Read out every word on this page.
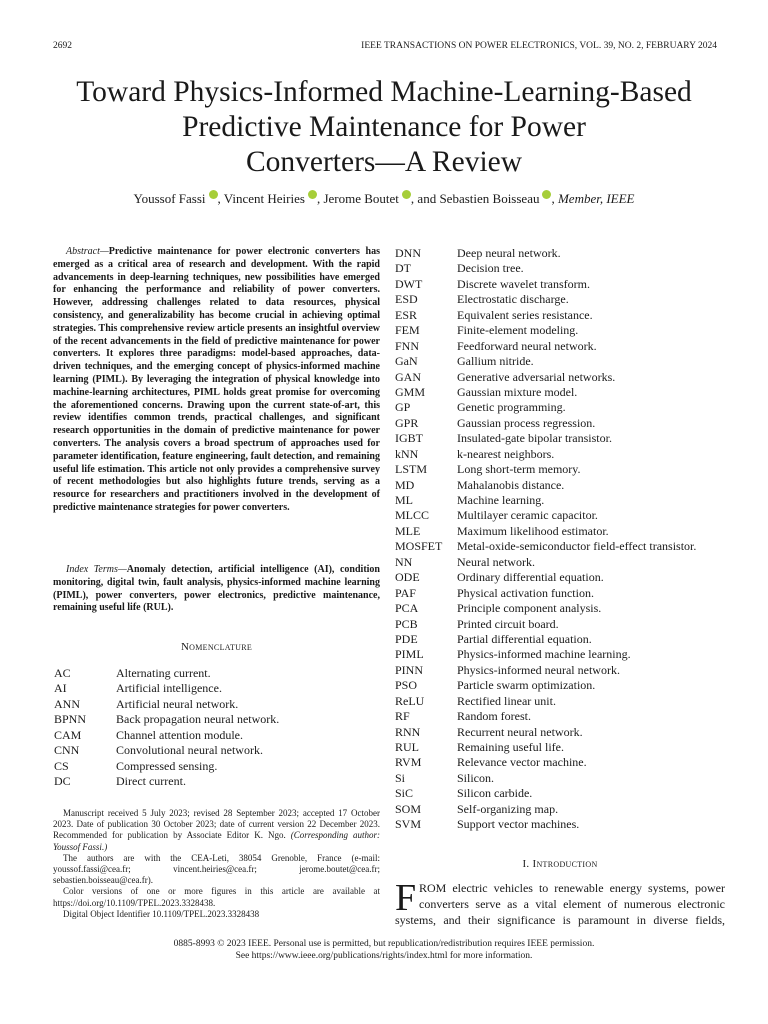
2692	IEEE TRANSACTIONS ON POWER ELECTRONICS, VOL. 39, NO. 2, FEBRUARY 2024
Toward Physics-Informed Machine-Learning-Based
Predictive Maintenance for Power
Converters—A Review
Youssof Fassi , Vincent Heiries , Jerome Boutet , and Sebastien Boisseau , Member, IEEE

Abstract—Predictive maintenance for power electronic converters has emerged as a critical area of research and development. With the rapid advancements in deep-learning techniques, new possibilities have emerged for enhancing the performance and reliability of power converters. However, addressing challenges related to data resources, physical consistency, and generalizability has become crucial in achieving optimal strategies. This comprehensive review article presents an insightful overview of the recent advancements in the field of predictive maintenance for power converters. It explores three paradigms: model-based approaches, data-driven techniques, and the emerging concept of physics-informed machine learning (PIML). By leveraging the integration of physical knowledge into machine-learning architectures, PIML holds great promise for overcoming the aforementioned concerns. Drawing upon the current state-of-art, this review identifies common trends, practical challenges, and significant research opportunities in the domain of predictive maintenance for power converters. The analysis covers a broad spectrum of approaches used for parameter identification, feature engineering, fault detection, and remaining useful life estimation. This article not only provides a comprehensive survey of recent methodologies but also highlights future trends, serving as a resource for researchers and practitioners involved in the development of predictive maintenance strategies for power converters.

Index Terms—Anomaly detection, artificial intelligence (AI), condition monitoring, digital twin, fault analysis, physics-informed machine learning (PIML), power converters, power electronics, predictive maintenance, remaining useful life (RUL).

Nomenclature
AC	Alternating current.
AI	Artificial intelligence.
ANN	Artificial neural network.
BPNN	Back propagation neural network.
CAM	Channel attention module.
CNN	Convolutional neural network.
CS	Compressed sensing.
DC	Direct current.
DNN	Deep neural network.
DT	Decision tree.
DWT	Discrete wavelet transform.
ESD	Electrostatic discharge.
ESR	Equivalent series resistance.
FEM	Finite-element modeling.
FNN	Feedforward neural network.
GaN	Gallium nitride.
GAN	Generative adversarial networks.
GMM	Gaussian mixture model.
GP	Genetic programming.
GPR	Gaussian process regression.
IGBT	Insulated-gate bipolar transistor.
kNN	k-nearest neighbors.
LSTM	Long short-term memory.
MD	Mahalanobis distance.
ML	Machine learning.
MLCC	Multilayer ceramic capacitor.
MLE	Maximum likelihood estimator.
MOSFET	Metal-oxide-semiconductor field-effect transistor.
NN	Neural network.
ODE	Ordinary differential equation.
PAF	Physical activation function.
PCA	Principle component analysis.
PCB	Printed circuit board.
PDE	Partial differential equation.
PIML	Physics-informed machine learning.
PINN	Physics-informed neural network.
PSO	Particle swarm optimization.
ReLU	Rectified linear unit.
RF	Random forest.
RNN	Recurrent neural network.
RUL	Remaining useful life.
RVM	Relevance vector machine.
Si	Silicon.
SiC	Silicon carbide.
SOM	Self-organizing map.
SVM	Support vector machines.

Manuscript received 5 July 2023; revised 28 September 2023; accepted 17 October 2023. Date of publication 30 October 2023; date of current version 22 December 2023. Recommended for publication by Associate Editor K. Ngo. (Corresponding author: Youssof Fassi.)

The authors are with the CEA-Leti, 38054 Grenoble, France (e-mail: youssof.fassi@cea.fr; vincent.heiries@cea.fr; jerome.boutet@cea.fr; sebastien.boisseau@cea.fr).

Color versions of one or more figures in this article are available at https://doi.org/10.1109/TPEL.2023.3328438.

Digital Object Identifier 10.1109/TPEL.2023.3328438

I. Introduction
F ROM electric vehicles to renewable energy systems, power
converters serve as a vital element of numerous electronic
systems, and their significance is paramount in diverse fields,
0885-8993 © 2023 IEEE. Personal use is permitted, but republication/redistribution requires IEEE permission.
See https://www.ieee.org/publications/rights/index.html for more information.
